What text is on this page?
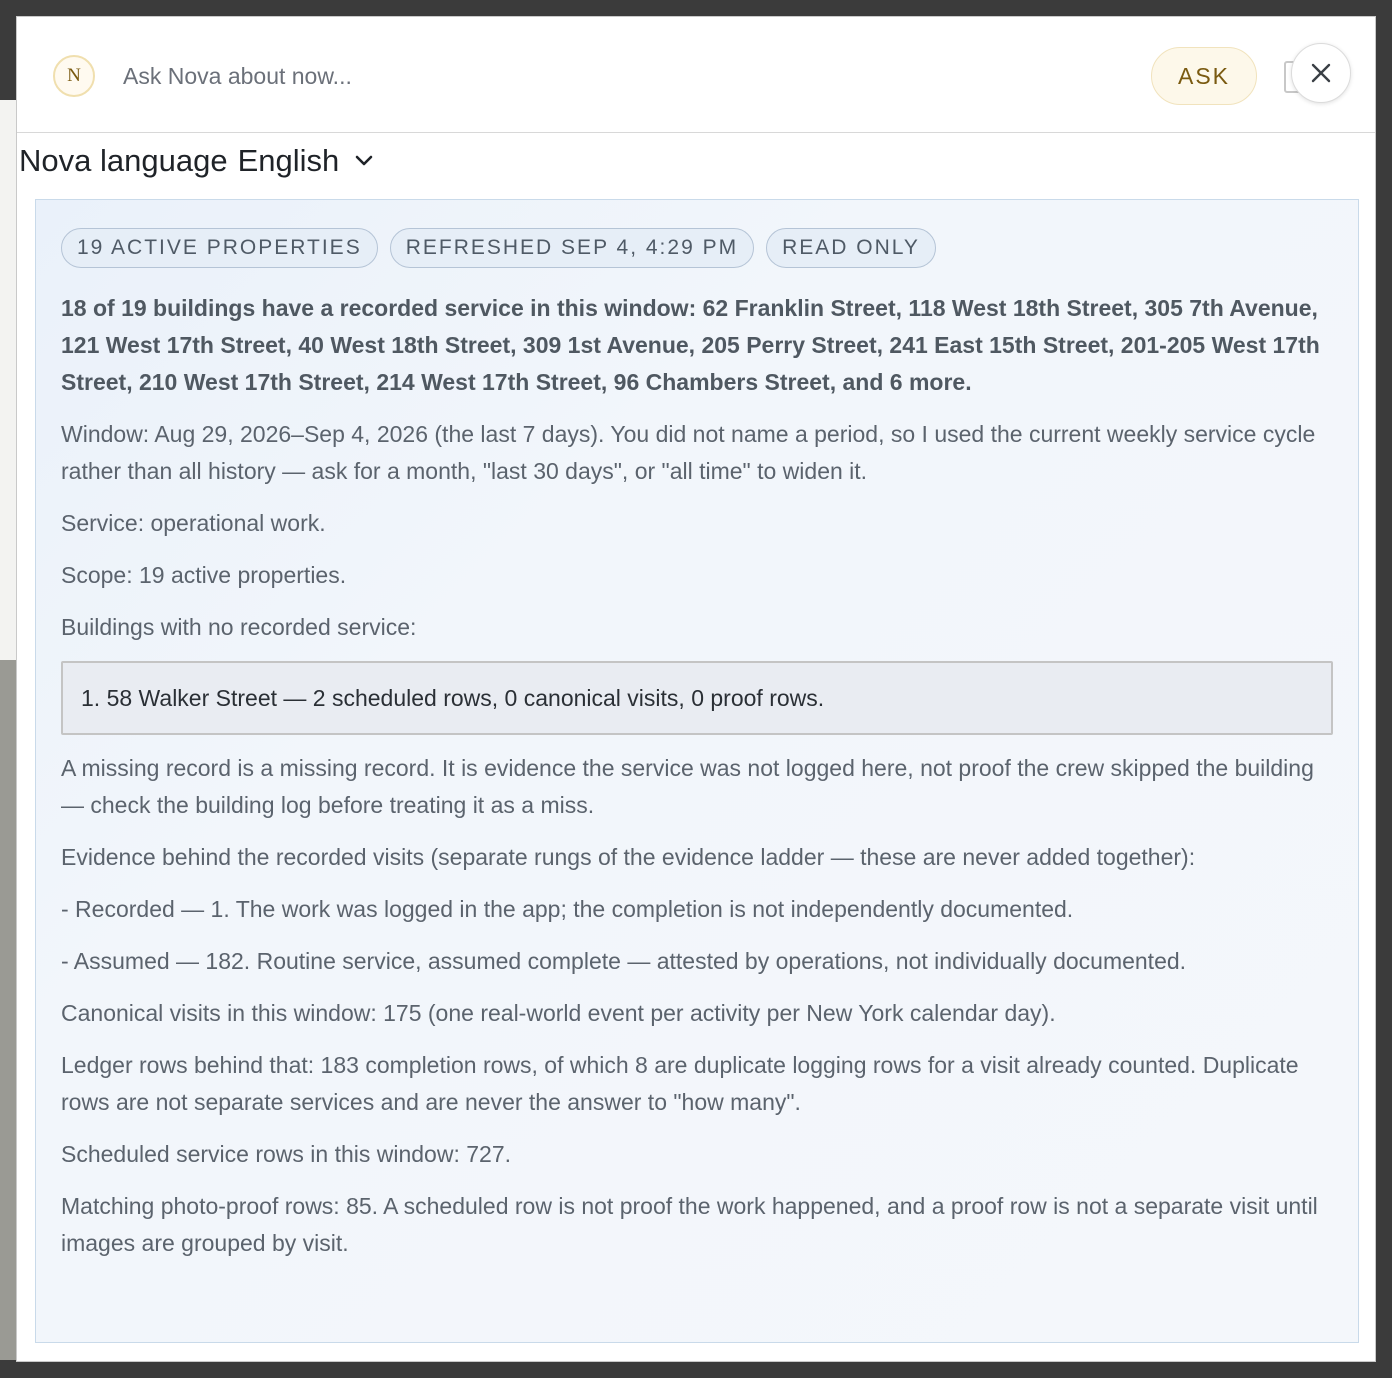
N
Ask Nova about now...	ASK
Nova language English
19 ACTIVE PROPERTIES	REFRESHED SEP 4, 4:29 PM	READ ONLY

18 of 19 buildings have a recorded service in this window: 62 Franklin Street, 118 West 18th Street, 305 7th Avenue, 121 West 17th Street, 40 West 18th Street, 309 1st Avenue, 205 Perry Street, 241 East 15th Street, 201-205 West 17th Street, 210 West 17th Street, 214 West 17th Street, 96 Chambers Street, and 6 more.

Window: Aug 29, 2026–Sep 4, 2026 (the last 7 days). You did not name a period, so I used the current weekly service cycle rather than all history — ask for a month, "last 30 days", or "all time" to widen it.

Service: operational work.

Scope: 19 active properties.

Buildings with no recorded service:

1. 58 Walker Street — 2 scheduled rows, 0 canonical visits, 0 proof rows.

A missing record is a missing record. It is evidence the service was not logged here, not proof the crew skipped the building — check the building log before treating it as a miss.

Evidence behind the recorded visits (separate rungs of the evidence ladder — these are never added together):

- Recorded — 1. The work was logged in the app; the completion is not independently documented.

- Assumed — 182. Routine service, assumed complete — attested by operations, not individually documented.

Canonical visits in this window: 175 (one real-world event per activity per New York calendar day).

Ledger rows behind that: 183 completion rows, of which 8 are duplicate logging rows for a visit already counted. Duplicate rows are not separate services and are never the answer to "how many".

Scheduled service rows in this window: 727.

Matching photo-proof rows: 85. A scheduled row is not proof the work happened, and a proof row is not a separate visit until images are grouped by visit.
